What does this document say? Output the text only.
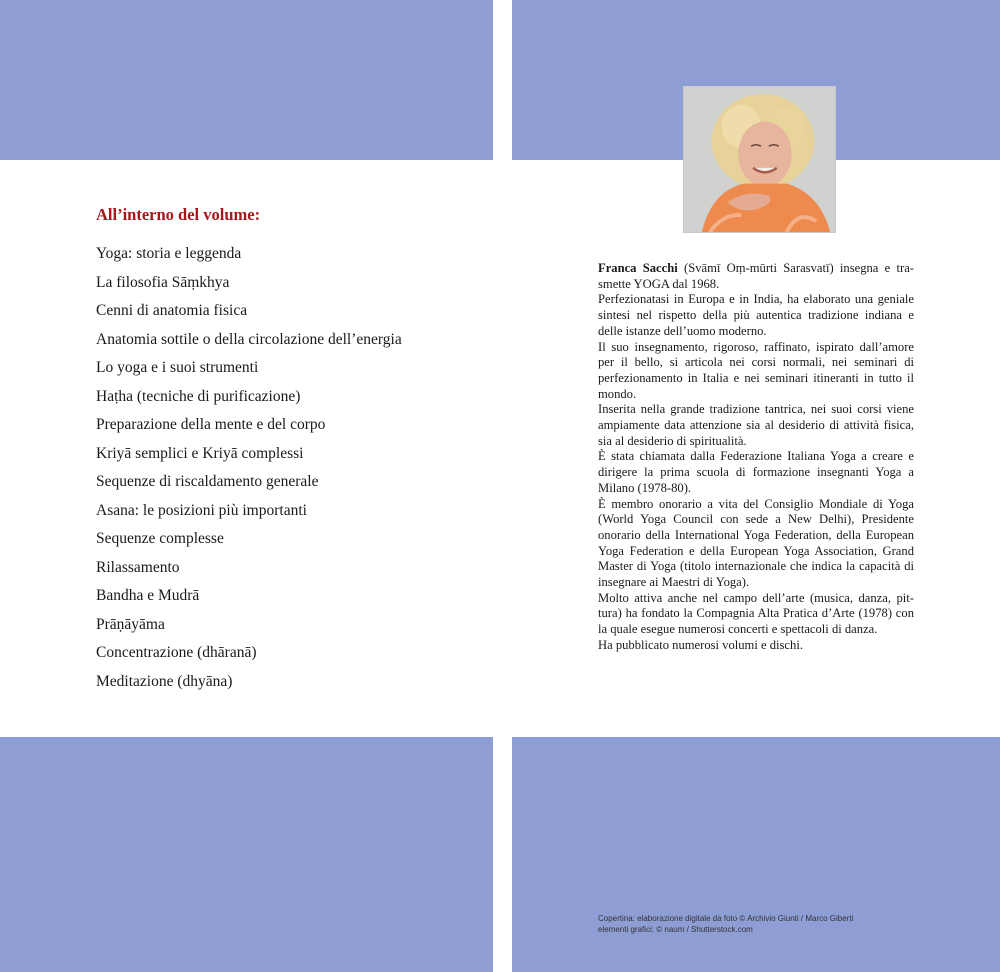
All’interno del volume:
Yoga: storia e leggenda
La filosofia Sāṃkhya
Cenni di anatomia fisica
Anatomia sottile o della circolazione dell’energia
Lo yoga e i suoi strumenti
Haṭha (tecniche di purificazione)
Preparazione della mente e del corpo
Kriyā semplici e Kriyā complessi
Sequenze di riscaldamento generale
Asana: le posizioni più importanti
Sequenze complesse
Rilassamento
Bandha e Mudrā
Prāṇāyāma
Concentrazione (dhāranā)
Meditazione (dhyāna)

Franca Sacchi (Svāmī Oṃ-mūrti Sarasvatī) insegna e trasmette YOGA dal 1968.

Perfezionatasi in Europa e in India, ha elaborato una geniale sintesi nel rispetto della più autentica tradizione indiana e delle istanze dell’uomo moderno.

Il suo insegnamento, rigoroso, raffinato, ispirato dall’amore per il bello, si articola nei corsi normali, nei seminari di perfezionamento in Italia e nei seminari itineranti in tutto il mondo.

Inserita nella grande tradizione tantrica, nei suoi corsi viene ampiamente data attenzione sia al desiderio di attività fisica, sia al desiderio di spiritualità.

È stata chiamata dalla Federazione Italiana Yoga a creare e dirigere la prima scuola di formazione insegnanti Yoga a Milano (1978-80).

È membro onorario a vita del Consiglio Mondiale di Yoga (World Yoga Council con sede a New Delhi), Presidente onorario della International Yoga Federation, della European Yoga Federation e della European Yoga Association, Grand Master di Yoga (titolo internazionale che indica la capacità di insegnare ai Maestri di Yoga).

Molto attiva anche nel campo dell’arte (musica, danza, pittura) ha fondato la Compagnia Alta Pratica d’Arte (1978) con la quale esegue numerosi concerti e spettacoli di danza.

Ha pubblicato numerosi volumi e dischi.

Copertina: elaborazione digitale da foto © Archivio Giunti / Marco Giberti
elementi grafici: © naum / Shutterstock.com
